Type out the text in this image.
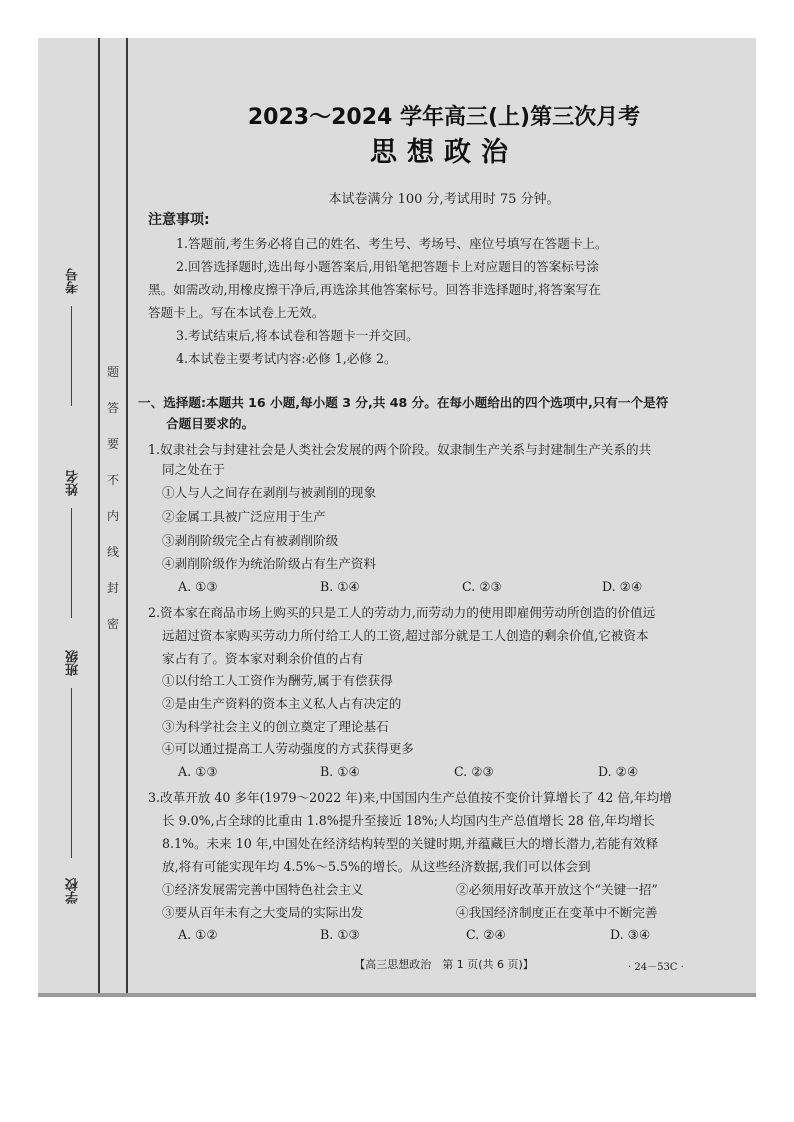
考号
姓名
班级
学校
题
答
要
不
内
线
封
密
2023～2024 学年高三(上)第三次月考
思想政治
本试卷满分 100 分,考试用时 75 分钟。
注意事项:
1.答题前,考生务必将自己的姓名、考生号、考场号、座位号填写在答题卡上。
2.回答选择题时,选出每小题答案后,用铅笔把答题卡上对应题目的答案标号涂
黑。如需改动,用橡皮擦干净后,再选涂其他答案标号。回答非选择题时,将答案写在
答题卡上。写在本试卷上无效。
3.考试结束后,将本试卷和答题卡一并交回。
4.本试卷主要考试内容:必修 1,必修 2。
一、选择题:本题共 16 小题,每小题 3 分,共 48 分。在每小题给出的四个选项中,只有一个是符
合题目要求的。
1.奴隶社会与封建社会是人类社会发展的两个阶段。奴隶制生产关系与封建制生产关系的共
同之处在于
①人与人之间存在剥削与被剥削的现象
②金属工具被广泛应用于生产
③剥削阶级完全占有被剥削阶级
④剥削阶级作为统治阶级占有生产资料
A. ①③	B. ①④	C. ②③	D. ②④
2.资本家在商品市场上购买的只是工人的劳动力,而劳动力的使用即雇佣劳动所创造的价值远
远超过资本家购买劳动力所付给工人的工资,超过部分就是工人创造的剩余价值,它被资本
家占有了。资本家对剩余价值的占有
①以付给工人工资作为酬劳,属于有偿获得
②是由生产资料的资本主义私人占有决定的
③为科学社会主义的创立奠定了理论基石
④可以通过提高工人劳动强度的方式获得更多
A. ①③	B. ①④	C. ②③	D. ②④
3.改革开放 40 多年(1979～2022 年)来,中国国内生产总值按不变价计算增长了 42 倍,年均增
长 9.0%,占全球的比重由 1.8%提升至接近 18%;人均国内生产总值增长 28 倍,年均增长
8.1%。未来 10 年,中国处在经济结构转型的关键时期,并蕴藏巨大的增长潜力,若能有效释
放,将有可能实现年均 4.5%～5.5%的增长。从这些经济数据,我们可以体会到
①经济发展需完善中国特色社会主义	②必须用好改革开放这个“关键一招”
③要从百年未有之大变局的实际出发	④我国经济制度正在变革中不断完善
A. ①②	B. ①③	C. ②④	D. ③④
【高三思想政治　第 1 页(共 6 页)】	· 24－53C ·
